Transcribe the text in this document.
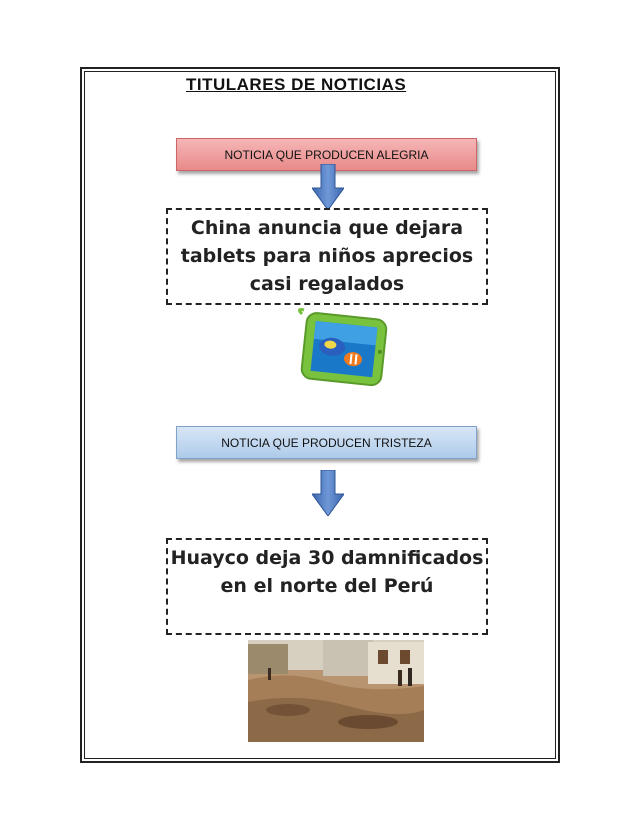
TITULARES DE NOTICIAS
NOTICIA QUE PRODUCEN ALEGRIA
China anuncia que dejara tablets para niños aprecios casi regalados
NOTICIA QUE PRODUCEN TRISTEZA
Huayco deja 30 damnificados en el norte del Perú
